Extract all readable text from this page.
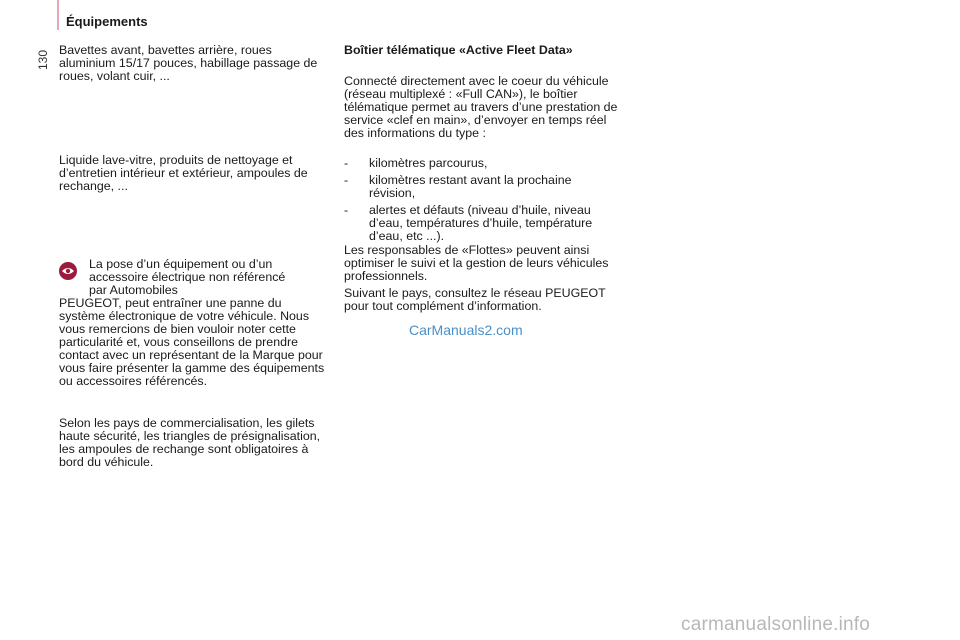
Équipements
130 Bavettes avant, bavettes arrière, roues aluminium 15/17 pouces, habillage passage de roues, volant cuir, ...

Liquide lave-vitre, produits de nettoyage et d’entretien intérieur et extérieur, ampoules de rechange, ...

La pose d’un équipement ou d’un accessoire électrique non référencé par Automobiles

PEUGEOT, peut entraîner une panne du système électronique de votre véhicule. Nous vous remercions de bien vouloir noter cette particularité et, vous conseillons de prendre contact avec un représentant de la Marque pour vous faire présenter la gamme des équipements ou accessoires référencés.

Selon les pays de commercialisation, les gilets haute sécurité, les triangles de présignalisation, les ampoules de rechange sont obligatoires à bord du véhicule.

Boîtier télématique «Active Fleet Data»

Connecté directement avec le coeur du véhicule (réseau multiplexé : «Full CAN»), le boîtier télématique permet au travers d’une prestation de service «clef en main», d’envoyer en temps réel des informations du type :

- kilomètres parcourus,
- kilomètres restant avant la prochaine révision,
- alertes et défauts (niveau d’huile, niveau d’eau, températures d’huile, température d’eau, etc ...).

Les responsables de «Flottes» peuvent ainsi optimiser le suivi et la gestion de leurs véhicules professionnels.

Suivant le pays, consultez le réseau PEUGEOT pour tout complément d’information.

CarManuals2.com
carmanualsonline.info
